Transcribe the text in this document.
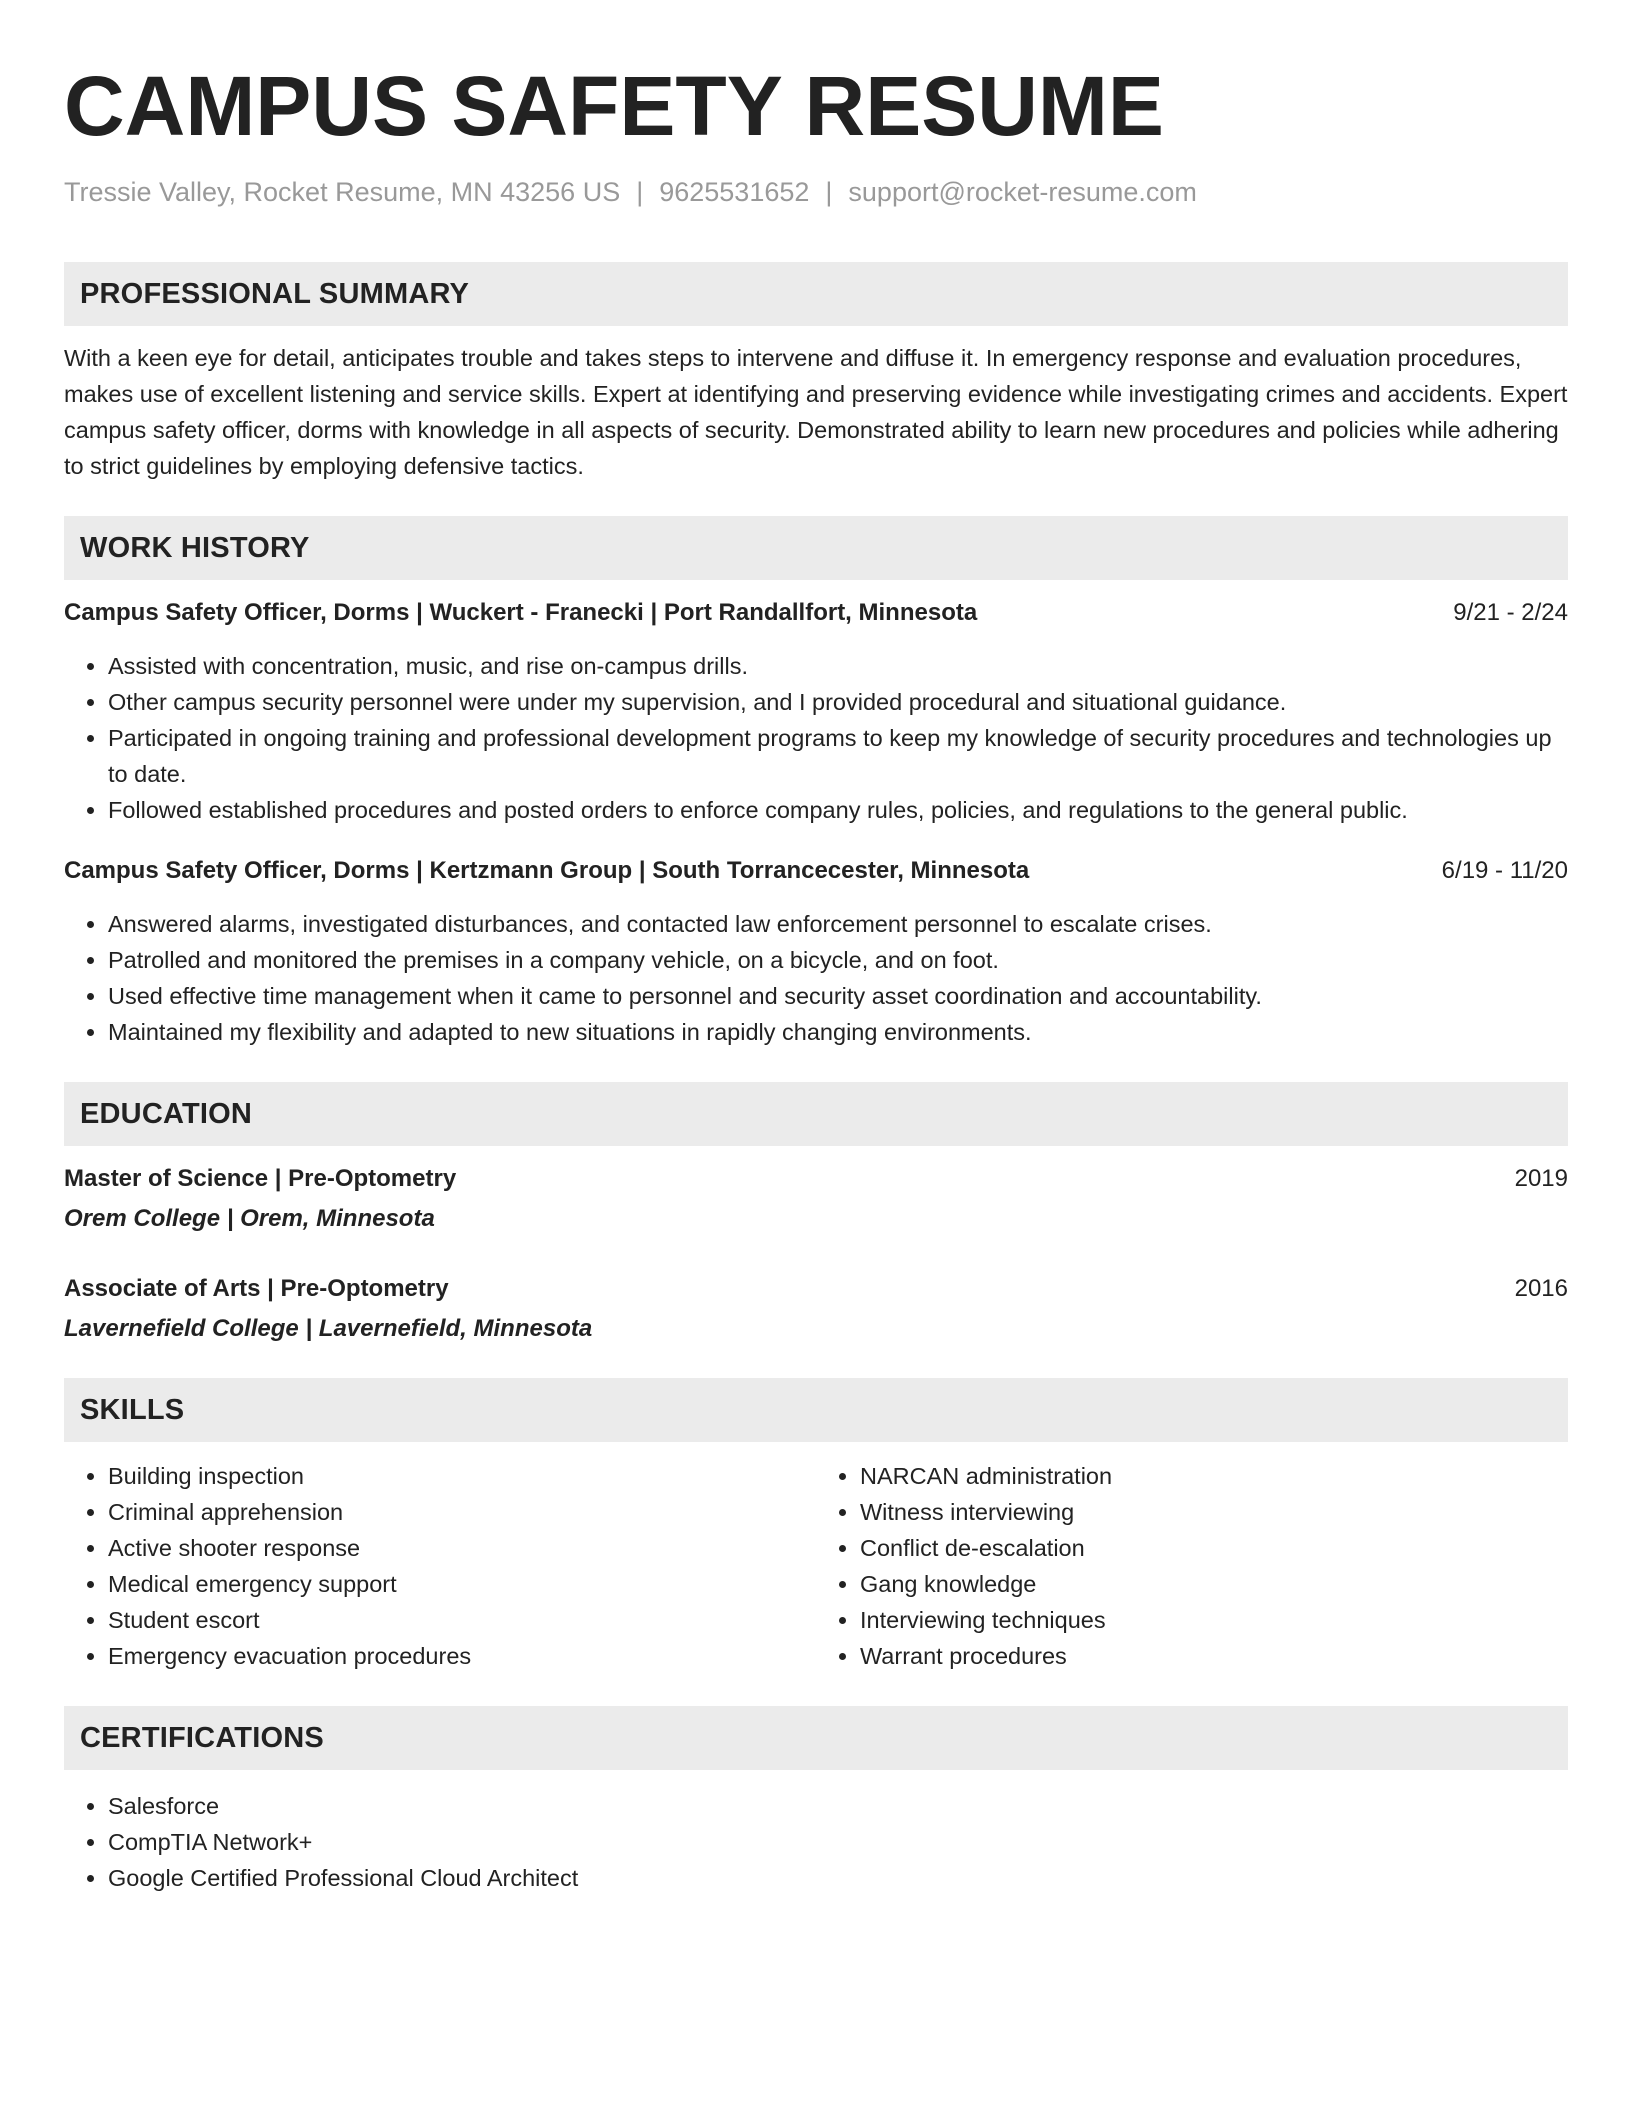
CAMPUS SAFETY RESUME
Tressie Valley, Rocket Resume, MN 43256 US | 9625531652 | support@rocket-resume.com
PROFESSIONAL SUMMARY
With a keen eye for detail, anticipates trouble and takes steps to intervene and diffuse it. In emergency response and evaluation procedures, makes use of excellent listening and service skills. Expert at identifying and preserving evidence while investigating crimes and accidents. Expert campus safety officer, dorms with knowledge in all aspects of security. Demonstrated ability to learn new procedures and policies while adhering to strict guidelines by employing defensive tactics.
WORK HISTORY
Campus Safety Officer, Dorms | Wuckert - Franecki | Port Randallfort, Minnesota	9/21 - 2/24
• Assisted with concentration, music, and rise on-campus drills.
• Other campus security personnel were under my supervision, and I provided procedural and situational guidance.
• Participated in ongoing training and professional development programs to keep my knowledge of security procedures and technologies up to date.
• Followed established procedures and posted orders to enforce company rules, policies, and regulations to the general public.
Campus Safety Officer, Dorms | Kertzmann Group | South Torrancecester, Minnesota	6/19 - 11/20
• Answered alarms, investigated disturbances, and contacted law enforcement personnel to escalate crises.
• Patrolled and monitored the premises in a company vehicle, on a bicycle, and on foot.
• Used effective time management when it came to personnel and security asset coordination and accountability.
• Maintained my flexibility and adapted to new situations in rapidly changing environments.
EDUCATION
Master of Science | Pre-Optometry	2019
Orem College | Orem, Minnesota
Associate of Arts | Pre-Optometry	2016
Lavernefield College | Lavernefield, Minnesota
SKILLS
• Building inspection
• Criminal apprehension
• Active shooter response
• Medical emergency support
• Student escort
• Emergency evacuation procedures
• NARCAN administration
• Witness interviewing
• Conflict de-escalation
• Gang knowledge
• Interviewing techniques
• Warrant procedures
CERTIFICATIONS
• Salesforce
• CompTIA Network+
• Google Certified Professional Cloud Architect
